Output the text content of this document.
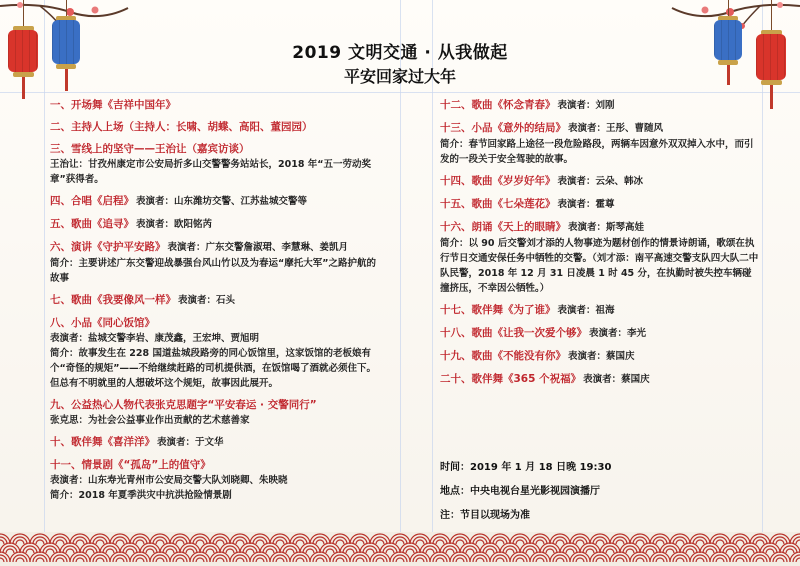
2019 文明交通 · 从我做起
平安回家过大年
一、开场舞《吉祥中国年》
二、主持人上场（主持人：长啸、胡蝶、高阳、董园园）
三、雪线上的坚守——王治让（嘉宾访谈）
王治让：甘孜州康定市公安局折多山交警警务站站长，2018 年“五一劳动奖章”获得者。
四、合唱《启程》 表演者：山东潍坊交警、江苏盐城交警等
五、歌曲《追寻》 表演者：欧阳铭芮
六、演讲《守护平安路》 表演者：广东交警詹淑珺、李慧琳、姜凯月
简介：主要讲述广东交警迎战暴强台风山竹以及为春运“摩托大军”之路护航的故事
七、歌曲《我要像风一样》 表演者：石头
八、小品《同心饭馆》
表演者：盐城交警李岩、康茂鑫，王宏坤、贾旭明
简介：故事发生在 228 国道盐城段路旁的同心饭馆里，这家饭馆的老板娘有个“奇怪的规矩”——不给继续赶路的司机提供酒，在饭馆喝了酒就必须住下。但总有不明就里的人想破坏这个规矩，故事因此展开。
九、公益热心人物代表张克思题字“平安春运 · 交警同行”
张克思：为社会公益事业作出贡献的艺术慈善家
十、歌伴舞《喜洋洋》 表演者：于文华
十一、情景剧《“孤岛”上的值守》
表演者：山东寿光青州市公安局交警大队刘晓卿、朱映晓
简介：2018 年夏季洪灾中抗洪抢险情景剧
十二、歌曲《怀念青春》 表演者：刘刚
十三、小品《意外的结局》 表演者：王彤、曹随风
简介：春节回家路上途径一段危险路段，两辆车因意外双双掉入水中，而引发的一段关于安全驾驶的故事。
十四、歌曲《岁岁好年》 表演者：云朵、韩冰
十五、歌曲《七朵莲花》 表演者：霍尊
十六、朗诵《天上的眼睛》 表演者：斯琴高娃
简介：以 90 后交警刘才添的人物事迹为题材创作的情景诗朗诵，歌颂在执行节日交通安保任务中牺牲的交警。（刘才添：南平高速交警支队四大队二中队民警，2018 年 12 月 31 日凌晨 1 时 45 分，在执勤时被失控车辆碰撞挤压，不幸因公牺牲。）
十七、歌伴舞《为了谁》 表演者：祖海
十八、歌曲《让我一次爱个够》 表演者：李光
十九、歌曲《不能没有你》 表演者：蔡国庆
二十、歌伴舞《365 个祝福》 表演者：蔡国庆
时间：2019 年 1 月 18 日晚 19:30
地点：中央电视台星光影视园演播厅
注：节目以现场为准
